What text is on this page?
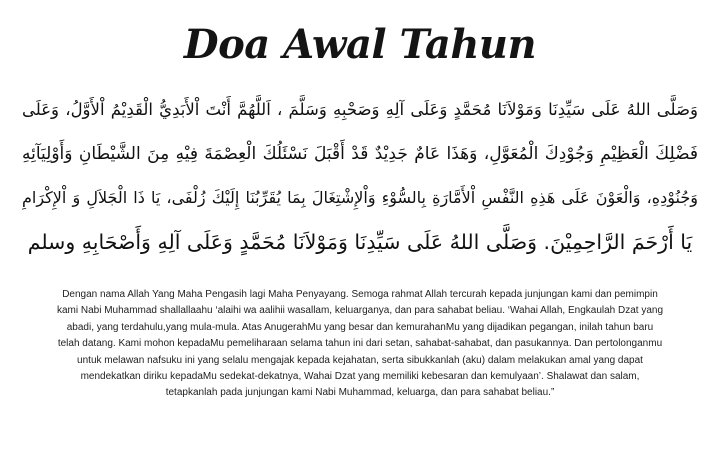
Doa Awal Tahun
وَصَلَّى اللهُ عَلَى سَيِّدِنَا وَمَوْلاَنَا مُحَمَّدٍ وَعَلَى آلِهِ وَصَحْبِهِ وَسَلَّمَ ، اَللَّهُمَّ أَنْتَ اْلأَبَدِيُّ الْقَدِيْمُ اْلأَوَّلُ، وَعَلَى
فَضْلِكَ الْعَظِيْمِ وَجُوْدِكَ الْمُعَوَّلِ، وَهَذَا عَامٌ جَدِيْدٌ قَدْ أَقْبَلَ نَسْئَلُكَ الْعِصْمَةَ فِيْهِ مِنَ الشَّيْطَانِ وَأَوْلِيَآئِهِ
وَجُنُوْدِهِ، وَالْعَوْنَ عَلَى هَذِهِ النَّفْسِ اْلأَمَّارَةِ بِالسُّوْءِ وَاْلإِشْتِغَالَ بِمَا يُقَرِّبُنَا إِلَيْكَ زُلْفَى، يَا ذَا الْجَلاَلِ وَ اْلإِكْرَامِ
يَا أَرْحَمَ الرَّاحِمِيْنَ. وَصَلَّى اللهُ عَلَى سَيِّدِنَا وَمَوْلاَنَا مُحَمَّدٍ وَعَلَى آلِهِ وَأَصْحَابِهِ وسلم
Dengan nama Allah Yang Maha Pengasih lagi Maha Penyayang. Semoga rahmat Allah tercurah kepada junjungan kami dan pemimpin
kami Nabi Muhammad shallallaahu ‘alaihi wa aalihii wasallam, keluarganya, dan para sahabat beliau. ‘Wahai Allah, Engkaulah Dzat yang
abadi, yang terdahulu,yang mula-mula. Atas AnugerahMu yang besar dan kemurahanMu yang dijadikan pegangan, inilah tahun baru
telah datang. Kami mohon kepadaMu pemeliharaan selama tahun ini dari setan, sahabat-sahabat, dan pasukannya. Dan pertolonganmu
untuk melawan nafsuku ini yang selalu mengajak kepada kejahatan, serta sibukkanlah (aku) dalam melakukan amal yang dapat
mendekatkan diriku kepadaMu sedekat-dekatnya, Wahai Dzat yang memiliki kebesaran dan kemulyaan’. Shalawat dan salam,
tetapkanlah pada junjungan kami Nabi Muhammad, keluarga, dan para sahabat beliau.”
